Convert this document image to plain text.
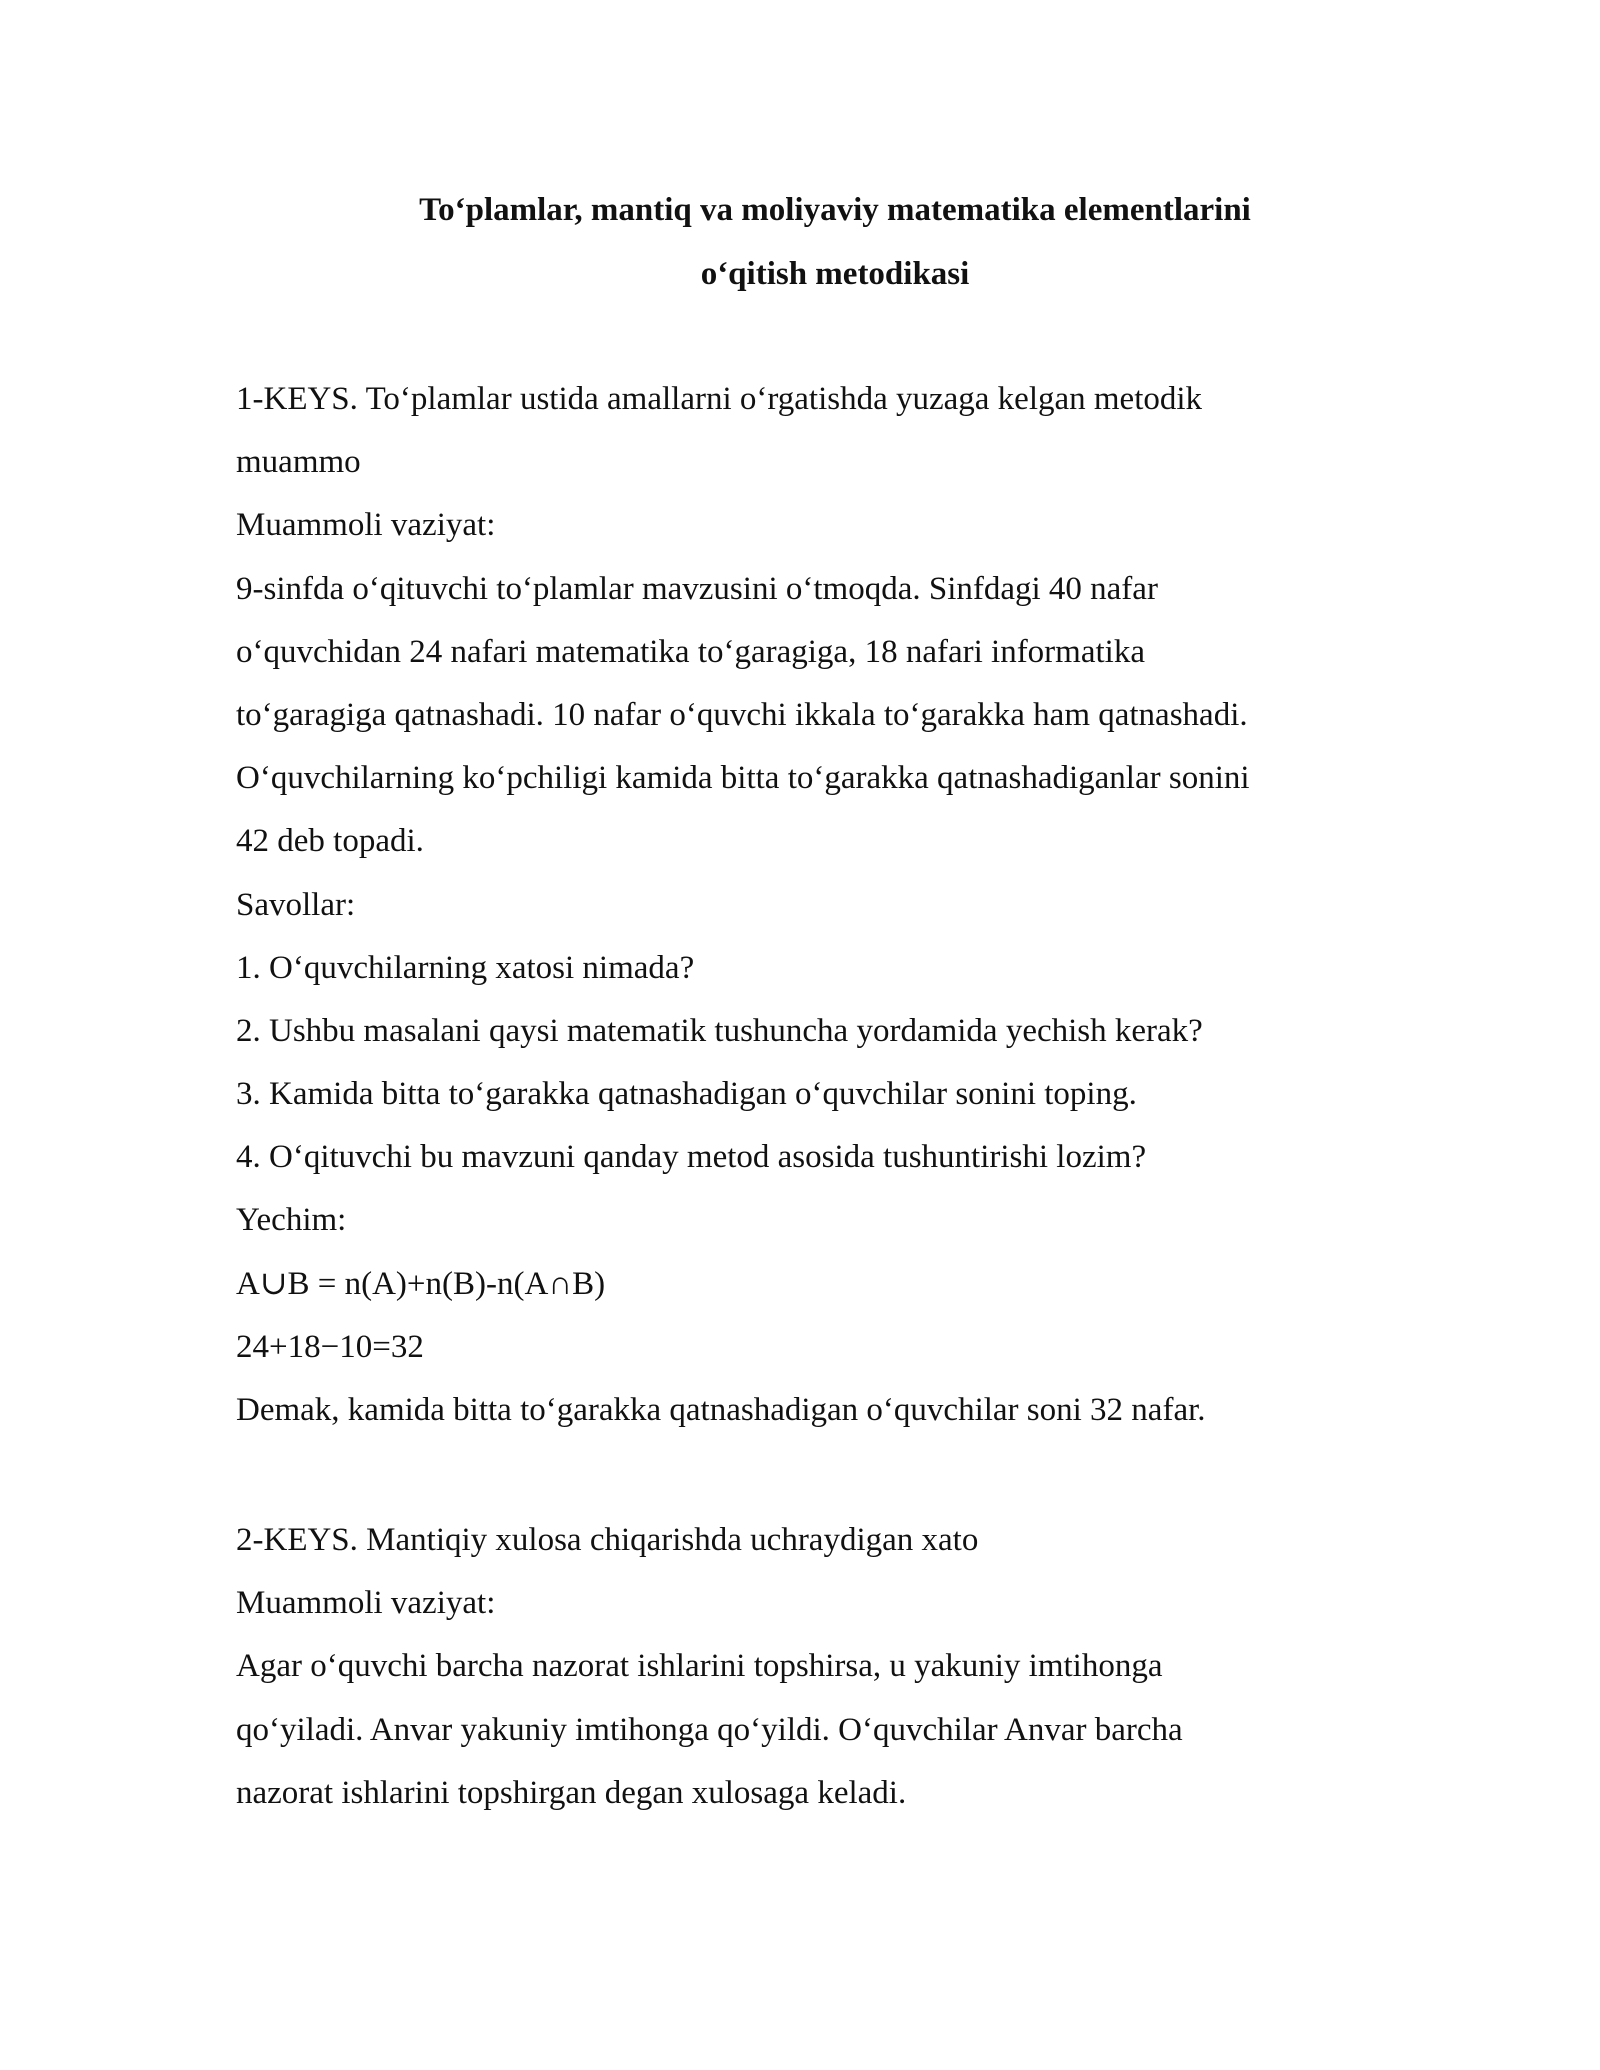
To‘plamlar, mantiq va moliyaviy matematika elementlarini
o‘qitish metodikasi
1-KEYS. To‘plamlar ustida amallarni o‘rgatishda yuzaga kelgan metodik
muammo
Muammoli vaziyat:
9-sinfda o‘qituvchi to‘plamlar mavzusini o‘tmoqda. Sinfdagi 40 nafar
o‘quvchidan 24 nafari matematika to‘garagiga, 18 nafari informatika
to‘garagiga qatnashadi. 10 nafar o‘quvchi ikkala to‘garakka ham qatnashadi.
O‘quvchilarning ko‘pchiligi kamida bitta to‘garakka qatnashadiganlar sonini
42 deb topadi.
Savollar:
1. O‘quvchilarning xatosi nimada?
2. Ushbu masalani qaysi matematik tushuncha yordamida yechish kerak?
3. Kamida bitta to‘garakka qatnashadigan o‘quvchilar sonini toping.
4. O‘qituvchi bu mavzuni qanday metod asosida tushuntirishi lozim?
Yechim:
A∪B = n(A)+n(B)-n(A∩B)
24+18−10=32
Demak, kamida bitta to‘garakka qatnashadigan o‘quvchilar soni 32 nafar.
2-KEYS. Mantiqiy xulosa chiqarishda uchraydigan xato
Muammoli vaziyat:
Agar o‘quvchi barcha nazorat ishlarini topshirsa, u yakuniy imtihonga
qo‘yiladi. Anvar yakuniy imtihonga qo‘yildi. O‘quvchilar Anvar barcha
nazorat ishlarini topshirgan degan xulosaga keladi.
